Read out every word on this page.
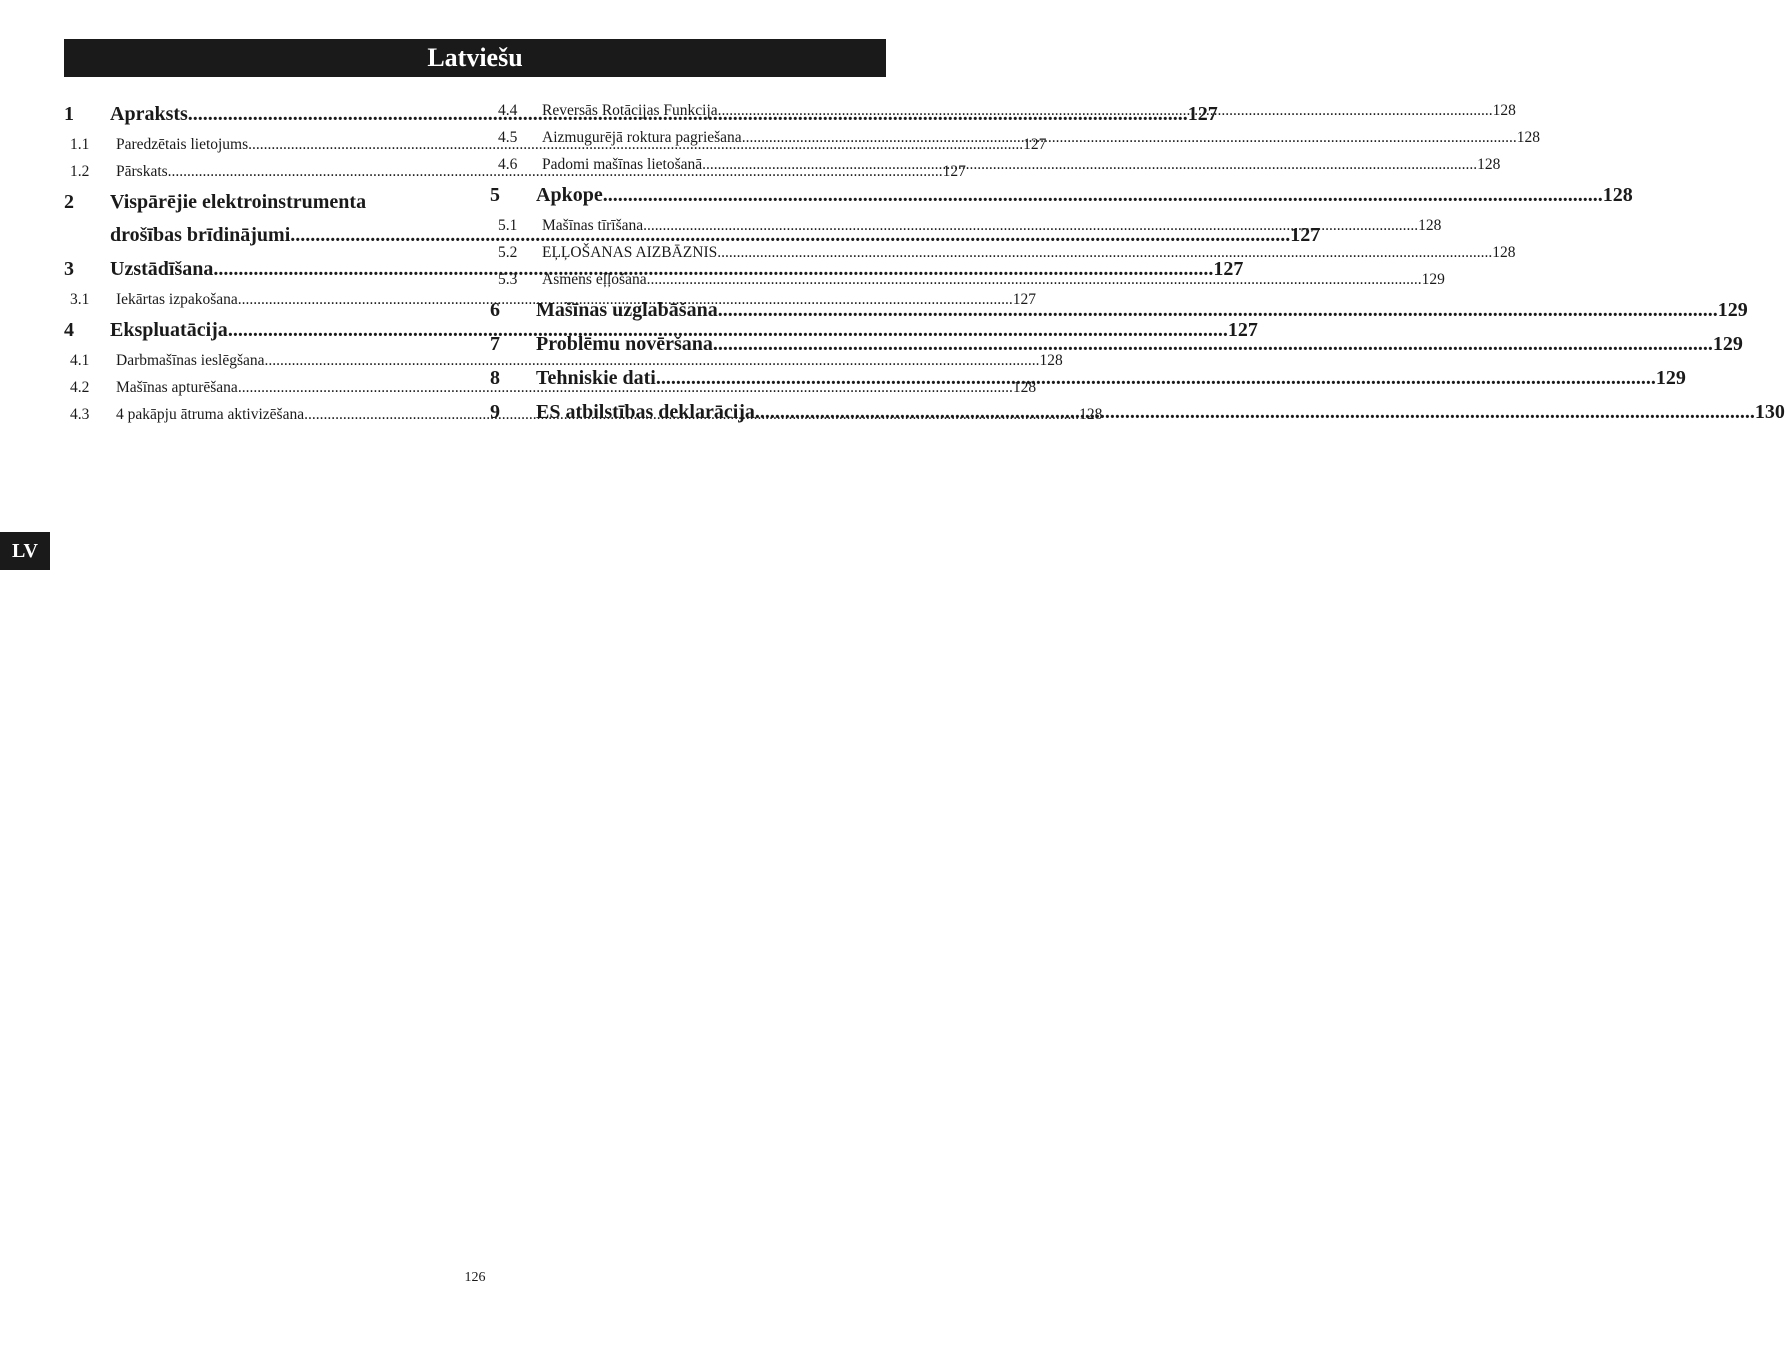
Latviešu
1	Apraksts .....	127
1.1	Paredzētais lietojums .....	127
1.2	Pārskats .....	127
2	Vispārējie elektroinstrumenta
drošības brīdinājumi .....	127
3	Uzstādīšana .....	127
3.1	Iekārtas izpakošana .....	127
4	Ekspluatācija .....	127
4.1	Darbmašīnas ieslēgšana .....	128
4.2	Mašīnas apturēšana .....	128
4.3	4 pakāpju ātruma aktivizēšana .....	128
4.4	Reversās Rotācijas Funkcija .....	128
4.5	Aizmugurējā roktura pagriešana .....	128
4.6	Padomi mašīnas lietošanā .....	128
5	Apkope .....	128
5.1	Mašīnas tīrīšana .....	128
5.2	EĻĻOŠANAS AIZBĀZNIS .....	128
5.3	Asmens eļļošana .....	129
6	Mašīnas uzglabāšana .....	129
7	Problēmu novēršana .....	129
8	Tehniskie dati .....	129
9	ES atbilstības deklarācija .....	130
LV
126
